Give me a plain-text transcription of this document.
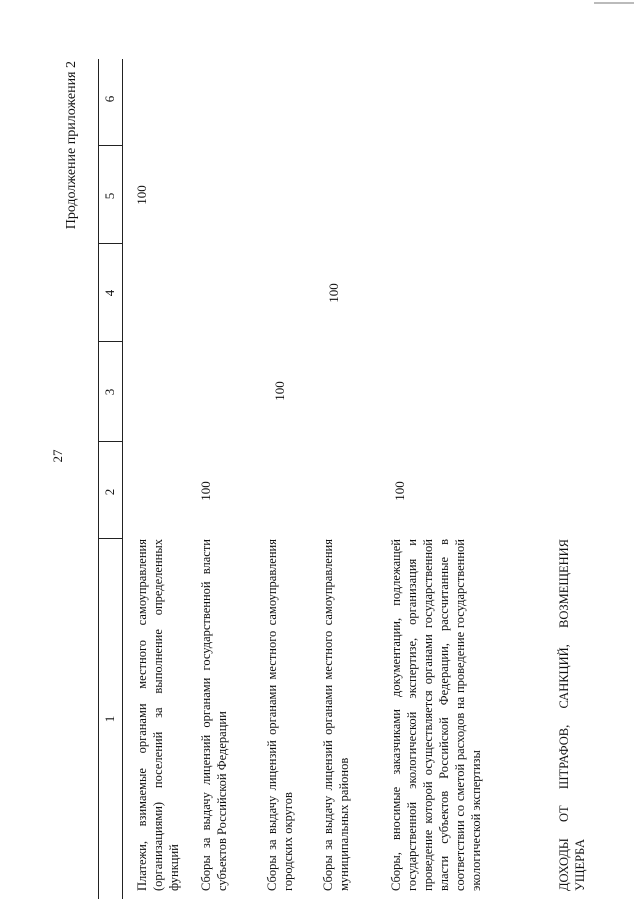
27
Продолжение приложения 2
1
2
3
4
5
6
Платежи, взимаемые органами местного самоуправления (организациями) поселений за выполнение определенных функций
100
Сборы за выдачу лицензий органами государственной власти субъектов Российской Федерации
100
Сборы за выдачу лицензий органами местного самоуправления городских округов
100
Сборы за выдачу лицензий органами местного самоуправления муниципальных районов
100
Сборы, вносимые заказчиками документации, подлежащей государственной экологической экспертизе, организация и проведение которой осуществляется органами государственной власти субъектов Российской Федерации, рассчитанные в соответствии со сметой расходов на проведение государственной экологической экспертизы
100
ДОХОДЫ ОТ ШТРАФОВ, САНКЦИЙ, ВОЗМЕЩЕНИЯ УЩЕРБА
